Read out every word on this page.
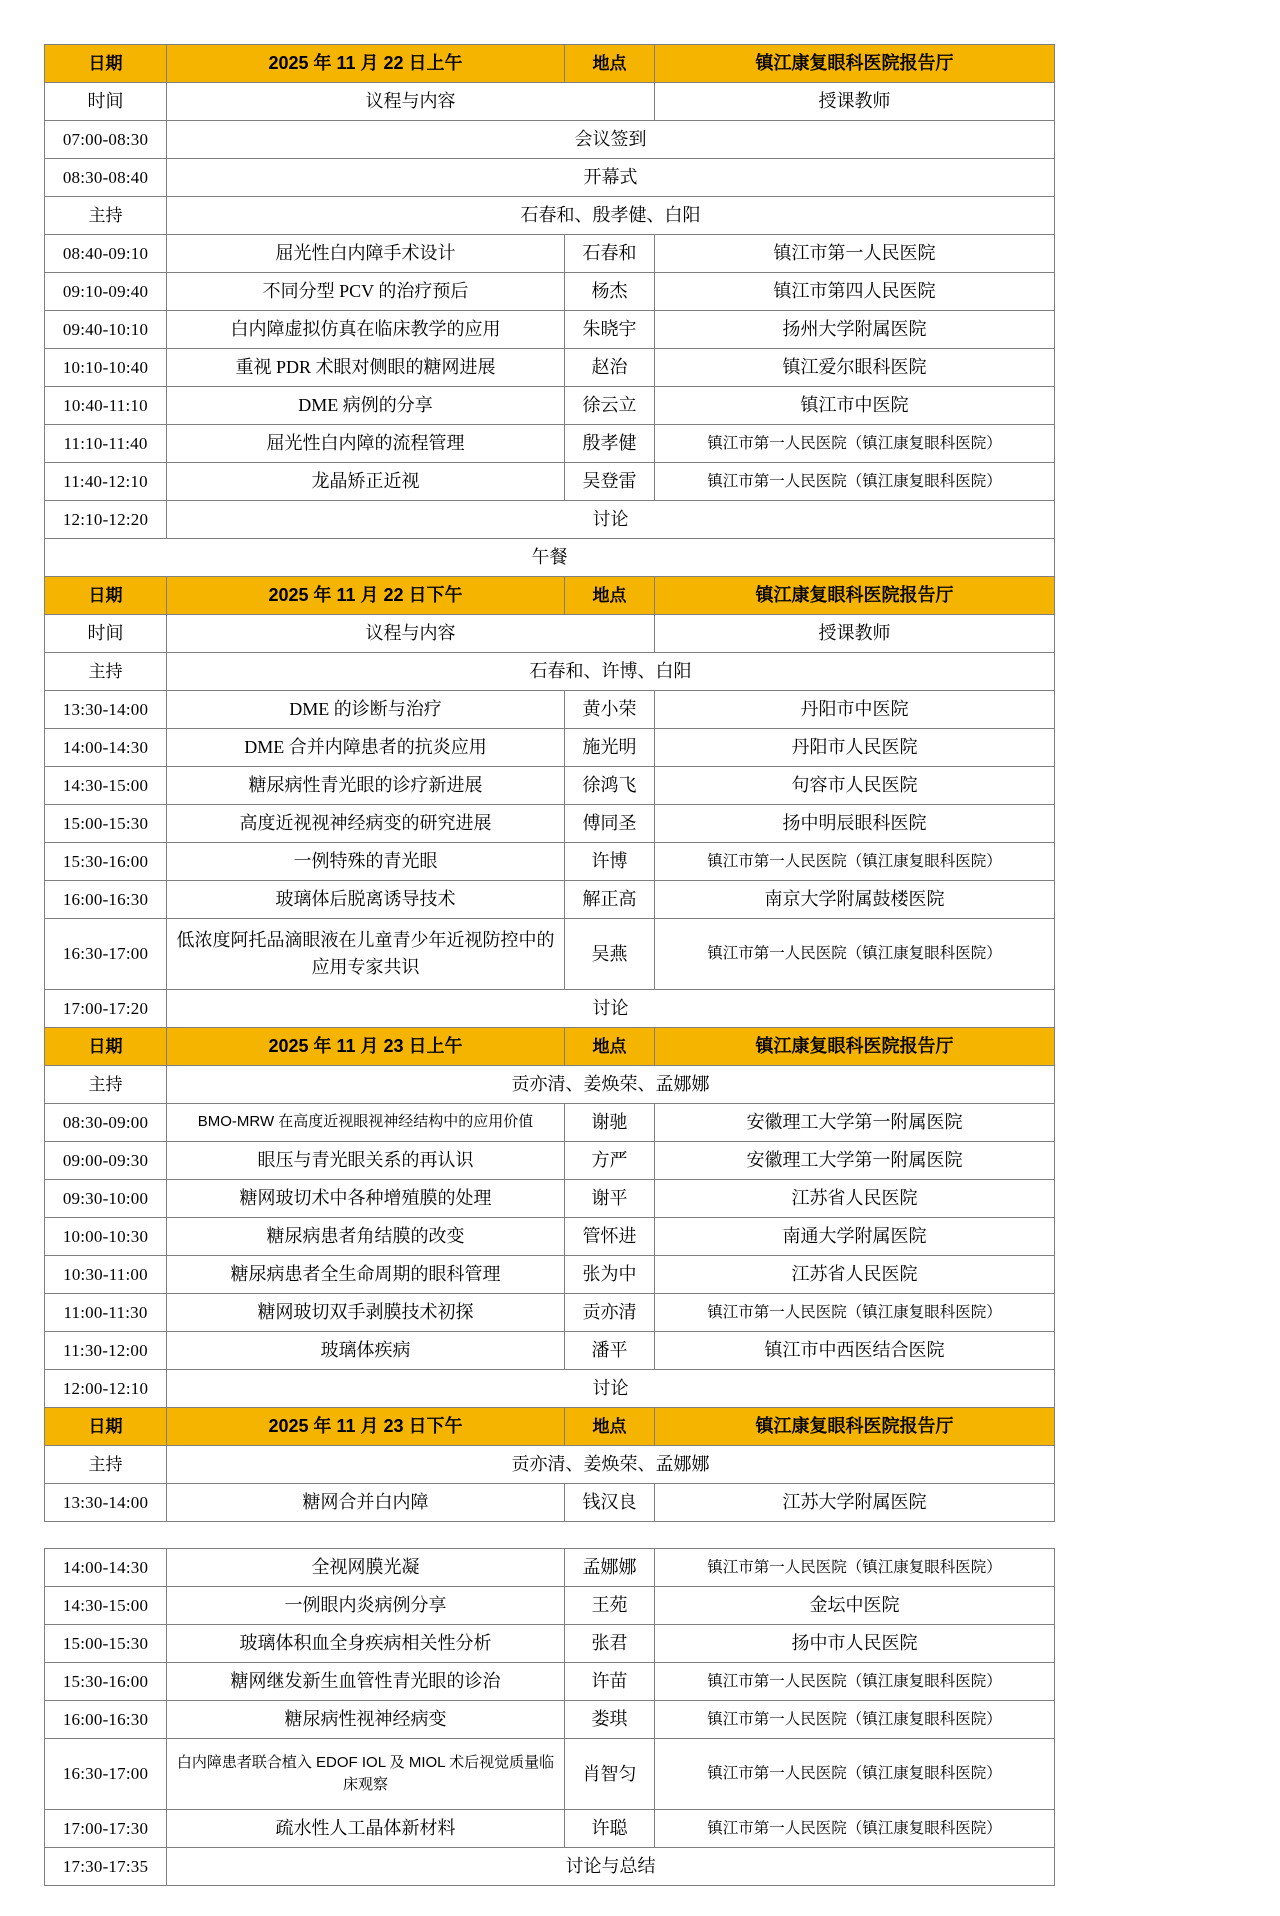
日期	2025 年 11 月 22 日上午	地点	镇江康复眼科医院报告厅
时间	议程与内容		授课教师
07:00-08:30	会议签到		
08:30-08:40	开幕式		
主持	石春和、殷孝健、白阳		
08:40-09:10	屈光性白内障手术设计	石春和	镇江市第一人民医院
09:10-09:40	不同分型 PCV 的治疗预后	杨杰	镇江市第四人民医院
09:40-10:10	白内障虚拟仿真在临床教学的应用	朱晓宇	扬州大学附属医院
10:10-10:40	重视 PDR 术眼对侧眼的糖网进展	赵治	镇江爱尔眼科医院
10:40-11:10	DME 病例的分享	徐云立	镇江市中医院
11:10-11:40	屈光性白内障的流程管理	殷孝健	镇江市第一人民医院（镇江康复眼科医院）
11:40-12:10	龙晶矫正近视	吴登雷	镇江市第一人民医院（镇江康复眼科医院）
12:10-12:20	讨论		
午餐			
日期	2025 年 11 月 22 日下午	地点	镇江康复眼科医院报告厅
时间	议程与内容		授课教师
主持	石春和、许博、白阳		
13:30-14:00	DME 的诊断与治疗	黄小荣	丹阳市中医院
14:00-14:30	DME 合并内障患者的抗炎应用	施光明	丹阳市人民医院
14:30-15:00	糖尿病性青光眼的诊疗新进展	徐鸿飞	句容市人民医院
15:00-15:30	高度近视视神经病变的研究进展	傅同圣	扬中明辰眼科医院
15:30-16:00	一例特殊的青光眼	许博	镇江市第一人民医院（镇江康复眼科医院）
16:00-16:30	玻璃体后脱离诱导技术	解正高	南京大学附属鼓楼医院
16:30-17:00	低浓度阿托品滴眼液在儿童青少年近视防控中的应用专家共识	吴燕	镇江市第一人民医院（镇江康复眼科医院）
17:00-17:20	讨论		
日期	2025 年 11 月 23 日上午	地点	镇江康复眼科医院报告厅
主持	贡亦清、姜焕荣、孟娜娜		
08:30-09:00	BMO-MRW 在高度近视眼视神经结构中的应用价值	谢驰	安徽理工大学第一附属医院
09:00-09:30	眼压与青光眼关系的再认识	方严	安徽理工大学第一附属医院
09:30-10:00	糖网玻切术中各种增殖膜的处理	谢平	江苏省人民医院
10:00-10:30	糖尿病患者角结膜的改变	管怀进	南通大学附属医院
10:30-11:00	糖尿病患者全生命周期的眼科管理	张为中	江苏省人民医院
11:00-11:30	糖网玻切双手剥膜技术初探	贡亦清	镇江市第一人民医院（镇江康复眼科医院）
11:30-12:00	玻璃体疾病	潘平	镇江市中西医结合医院
12:00-12:10	讨论		
日期	2025 年 11 月 23 日下午	地点	镇江康复眼科医院报告厅
主持	贡亦清、姜焕荣、孟娜娜		
13:30-14:00	糖网合并白内障	钱汉良	江苏大学附属医院
14:00-14:30	全视网膜光凝	孟娜娜	镇江市第一人民医院（镇江康复眼科医院）
14:30-15:00	一例眼内炎病例分享	王苑	金坛中医院
15:00-15:30	玻璃体积血全身疾病相关性分析	张君	扬中市人民医院
15:30-16:00	糖网继发新生血管性青光眼的诊治	许苗	镇江市第一人民医院（镇江康复眼科医院）
16:00-16:30	糖尿病性视神经病变	娄琪	镇江市第一人民医院（镇江康复眼科医院）
16:30-17:00	白内障患者联合植入 EDOF IOL 及 MIOL 术后视觉质量临床观察	肖智匀	镇江市第一人民医院（镇江康复眼科医院）
17:00-17:30	疏水性人工晶体新材料	许聪	镇江市第一人民医院（镇江康复眼科医院）
17:30-17:35	讨论与总结		
